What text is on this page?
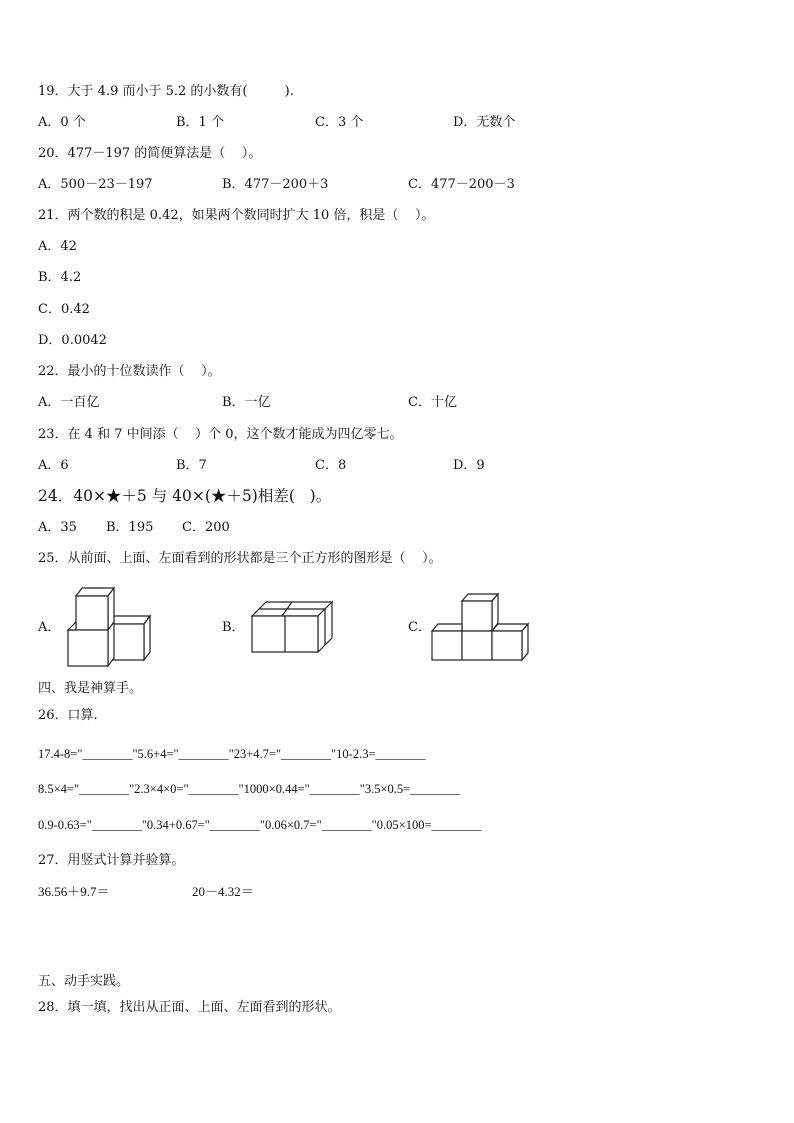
19．大于 4.9 而小于 5.2 的小数有(         ).
A．0 个	B．1 个	C．3 个	D．无数个
20．477－197 的简便算法是（    ）。
A．500－23－197	B．477－200＋3	C．477－200－3
21．两个数的积是 0.42，如果两个数同时扩大 10 倍，积是（    ）。
A．42
B．4.2
C．0.42
D．0.0042
22．最小的十位数读作（    ）。
A．一百亿	B．一亿	C．十亿
23．在 4 和 7 中间添（    ）个 0，这个数才能成为四亿零七。
A．6	B．7	C．8	D．9
24．40×★＋5 与 40×(★＋5)相差(   )。
A．35 B．195 C．200
25．从前面、上面、左面看到的形状都是三个正方形的图形是（    ）。
A．	B．	C．
四、我是神算手。
26．口算.
17.4-8="________"5.6+4="________"23+4.7="________"10-2.3=________
8.5×4="________"2.3×4×0="________"1000×0.44="________"3.5×0.5=________
0.9-0.63="________"0.34+0.67="________"0.06×0.7="________"0.05×100=________
27．用竖式计算并验算。
36.56＋9.7＝	20－4.32＝
五、动手实践。
28．填一填，找出从正面、上面、左面看到的形状。
